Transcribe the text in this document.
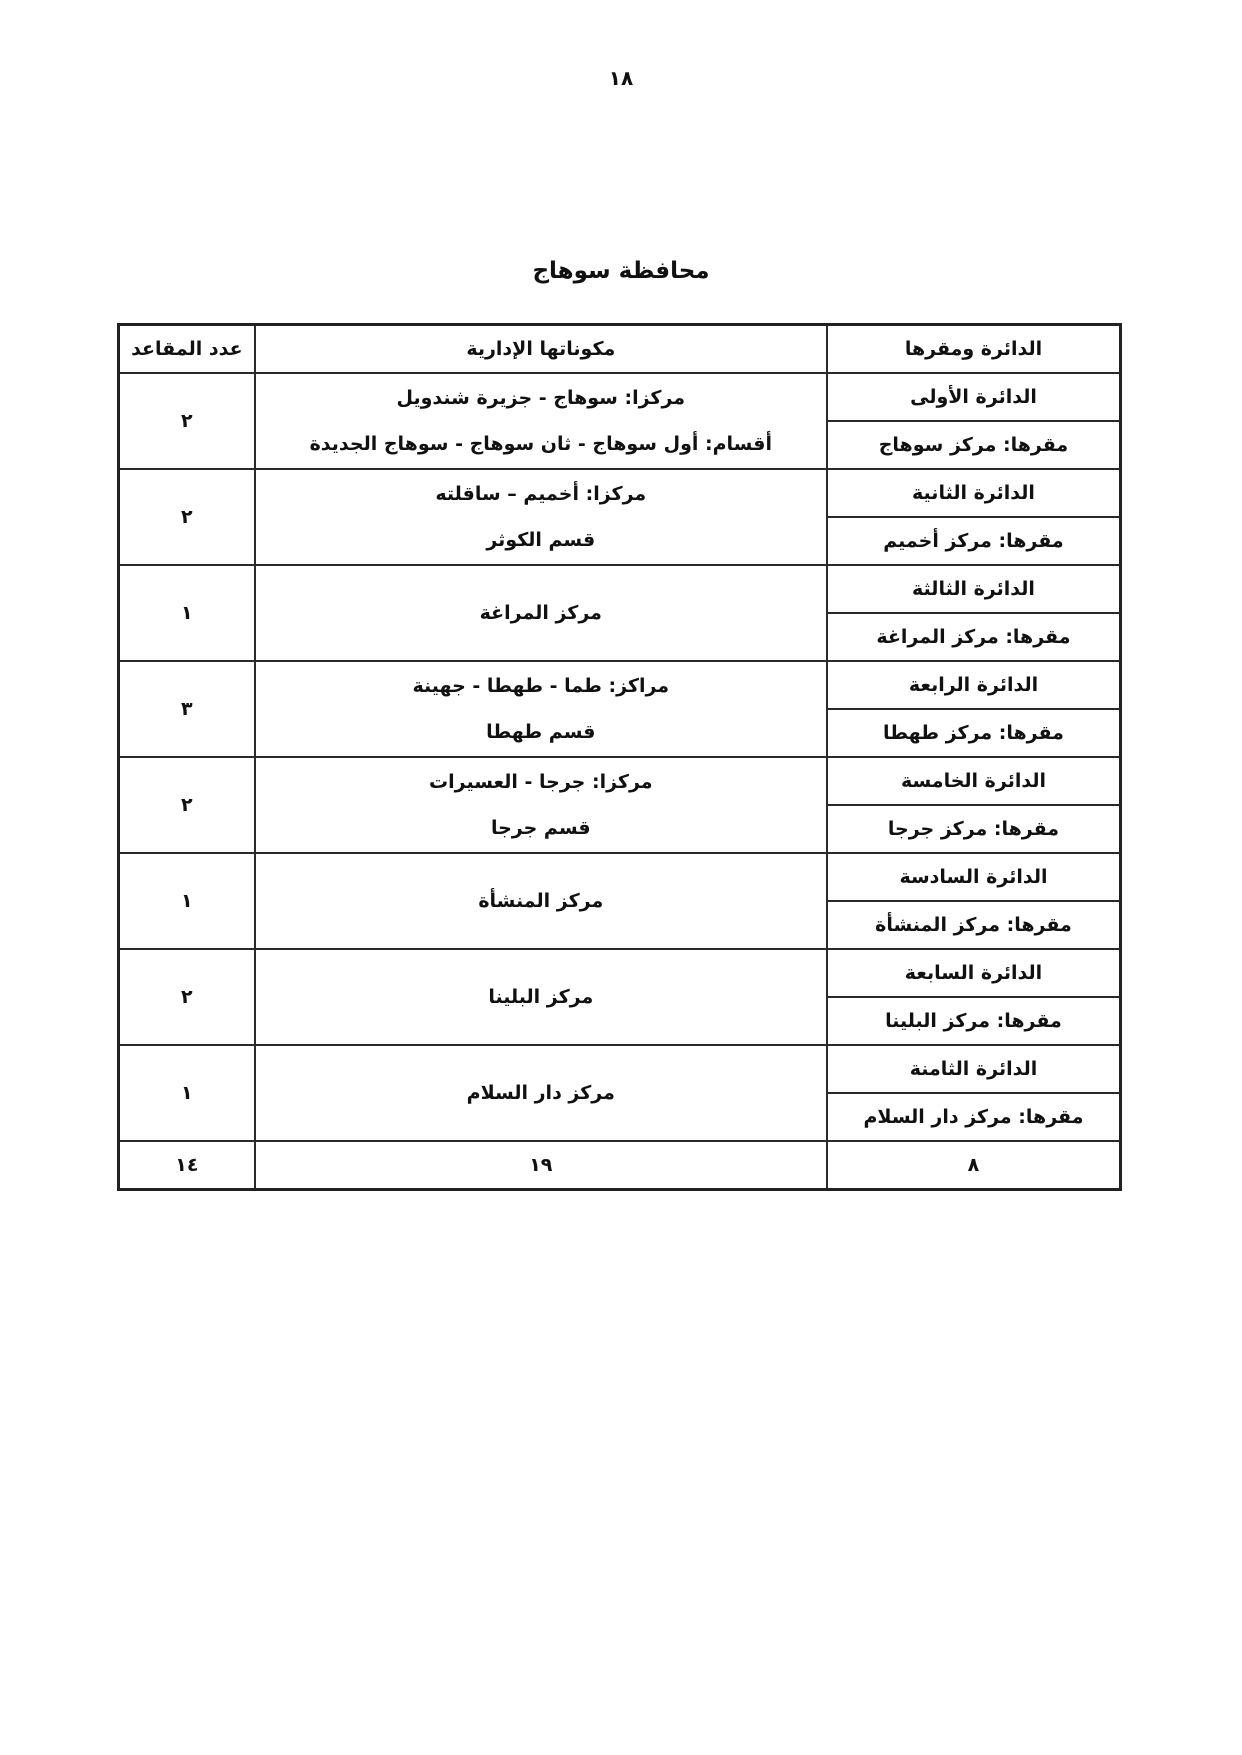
١٨
محافظة سوهاج
الدائرة ومقرها	مكوناتها الإدارية	عدد المقاعد
الدائرة الأولى	مركزا: سوهاج - جزيرة شندويل
أقسام: أول سوهاج - ثان سوهاج - سوهاج الجديدة	٢
مقرها: مركز سوهاج		
الدائرة الثانية	مركزا: أخميم – ساقلته
قسم الكوثر	٢
مقرها: مركز أخميم		
الدائرة الثالثة	مركز المراغة	١
مقرها: مركز المراغة		
الدائرة الرابعة	مراكز: طما - طهطا - جهينة
قسم طهطا	٣
مقرها: مركز طهطا		
الدائرة الخامسة	مركزا: جرجا - العسيرات
قسم جرجا	٢
مقرها: مركز جرجا		
الدائرة السادسة	مركز المنشأة	١
مقرها: مركز المنشأة		
الدائرة السابعة	مركز البلينا	٢
مقرها: مركز البلينا		
الدائرة الثامنة	مركز دار السلام	١
مقرها: مركز دار السلام		
٨	١٩	١٤
